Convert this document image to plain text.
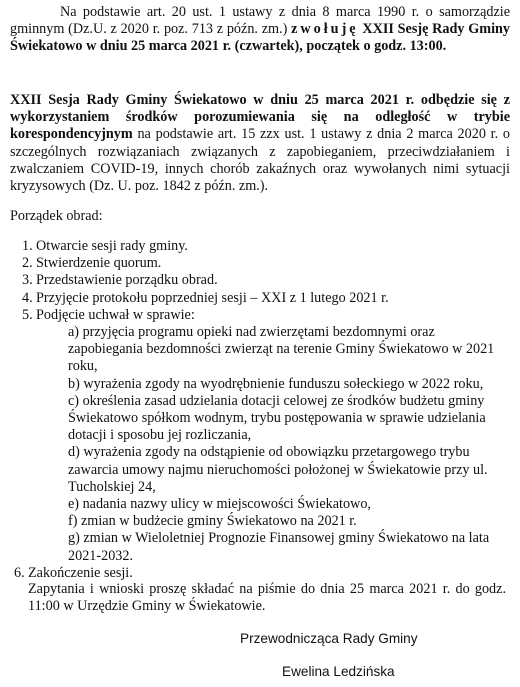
Na podstawie art. 20 ust. 1 ustawy z dnia 8 marca 1990 r. o samorządzie gminnym (Dz.U. z 2020 r. poz. 713 z późn. zm.) zwołuję XXII Sesję Rady Gminy Świekatowo w dniu 25 marca 2021 r. (czwartek), początek o godz. 13:00.

XXII Sesja Rady Gminy Świekatowo w dniu 25 marca 2021 r. odbędzie się z wykorzystaniem środków porozumiewania się na odległość w trybie korespondencyjnym na podstawie art. 15 zzx ust. 1 ustawy z dnia 2 marca 2020 r. o szczególnych rozwiązaniach związanych z zapobieganiem, przeciwdziałaniem i zwalczaniem COVID-19, innych chorób zakaźnych oraz wywołanych nimi sytuacji kryzysowych (Dz. U. poz. 1842 z późn. zm.).

Porządek obrad:

1. Otwarcie sesji rady gminy.
2. Stwierdzenie quorum.
3. Przedstawienie porządku obrad.
4. Przyjęcie protokołu poprzedniej sesji – XXI z 1 lutego 2021 r.
5. Podjęcie uchwał w sprawie:
a) przyjęcia programu opieki nad zwierzętami bezdomnymi oraz zapobiegania bezdomności zwierząt na terenie Gminy Świekatowo w 2021 roku,
b) wyrażenia zgody na wyodrębnienie funduszu sołeckiego w 2022 roku,
c) określenia zasad udzielania dotacji celowej ze środków budżetu gminy Świekatowo spółkom wodnym, trybu postępowania w sprawie udzielania dotacji i sposobu jej rozliczania,
d) wyrażenia zgody na odstąpienie od obowiązku przetargowego trybu zawarcia umowy najmu nieruchomości położonej w Świekatowie przy ul. Tucholskiej 24,
e) nadania nazwy ulicy w miejscowości Świekatowo,
f) zmian w budżecie gminy Świekatowo na 2021 r.
g) zmian w Wieloletniej Prognozie Finansowej gminy Świekatowo na lata 2021-2032.
6. Zakończenie sesji.

Zapytania i wnioski proszę składać na piśmie do dnia 25 marca 2021 r. do godz. 11:00 w Urzędzie Gminy w Świekatowie.

Przewodnicząca Rady Gminy
Ewelina Ledzińska
